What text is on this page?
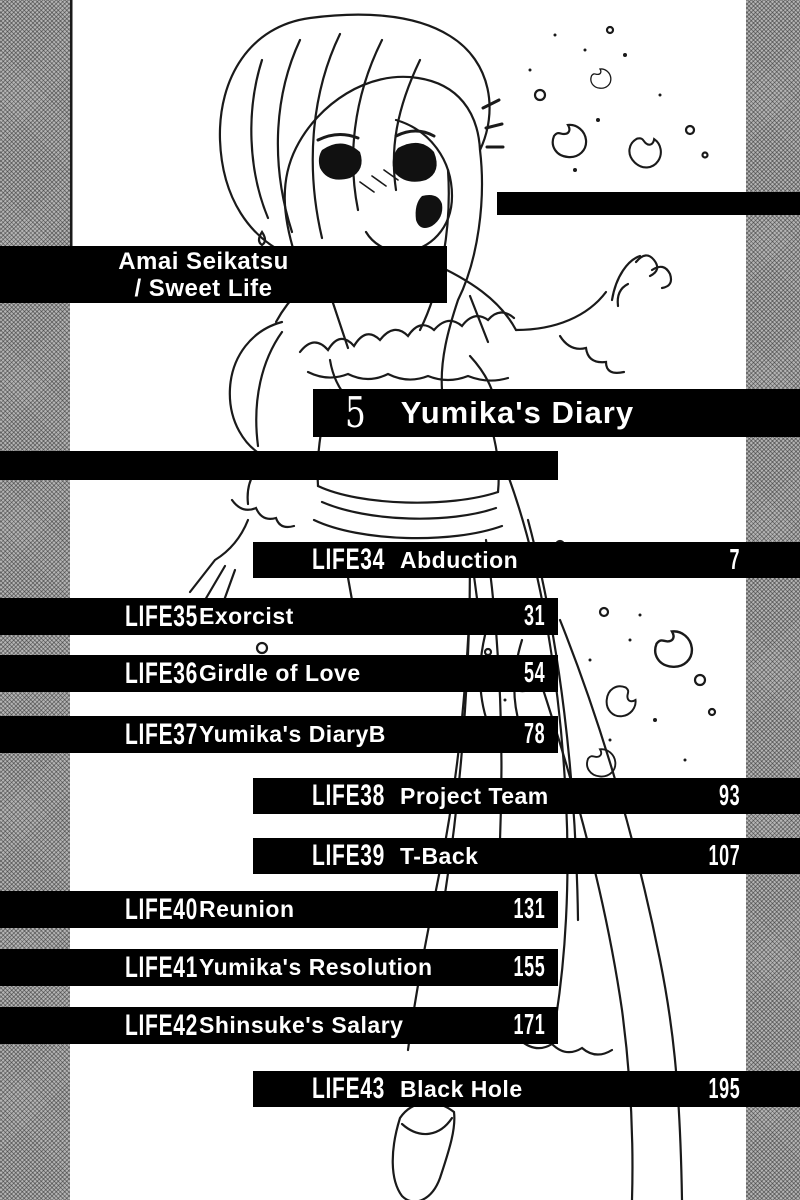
Amai Seikatsu
/ Sweet Life
5 Yumika's Diary
LIFE34 Abduction	7
LIFE35 Exorcist	31
LIFE36 Girdle of Love	54
LIFE37 Yumika's DiaryB	78
LIFE38 Project Team	93
LIFE39 T-Back	107
LIFE40 Reunion	131
LIFE41 Yumika's Resolution	155
LIFE42 Shinsuke's Salary	171
LIFE43 Black Hole	195
